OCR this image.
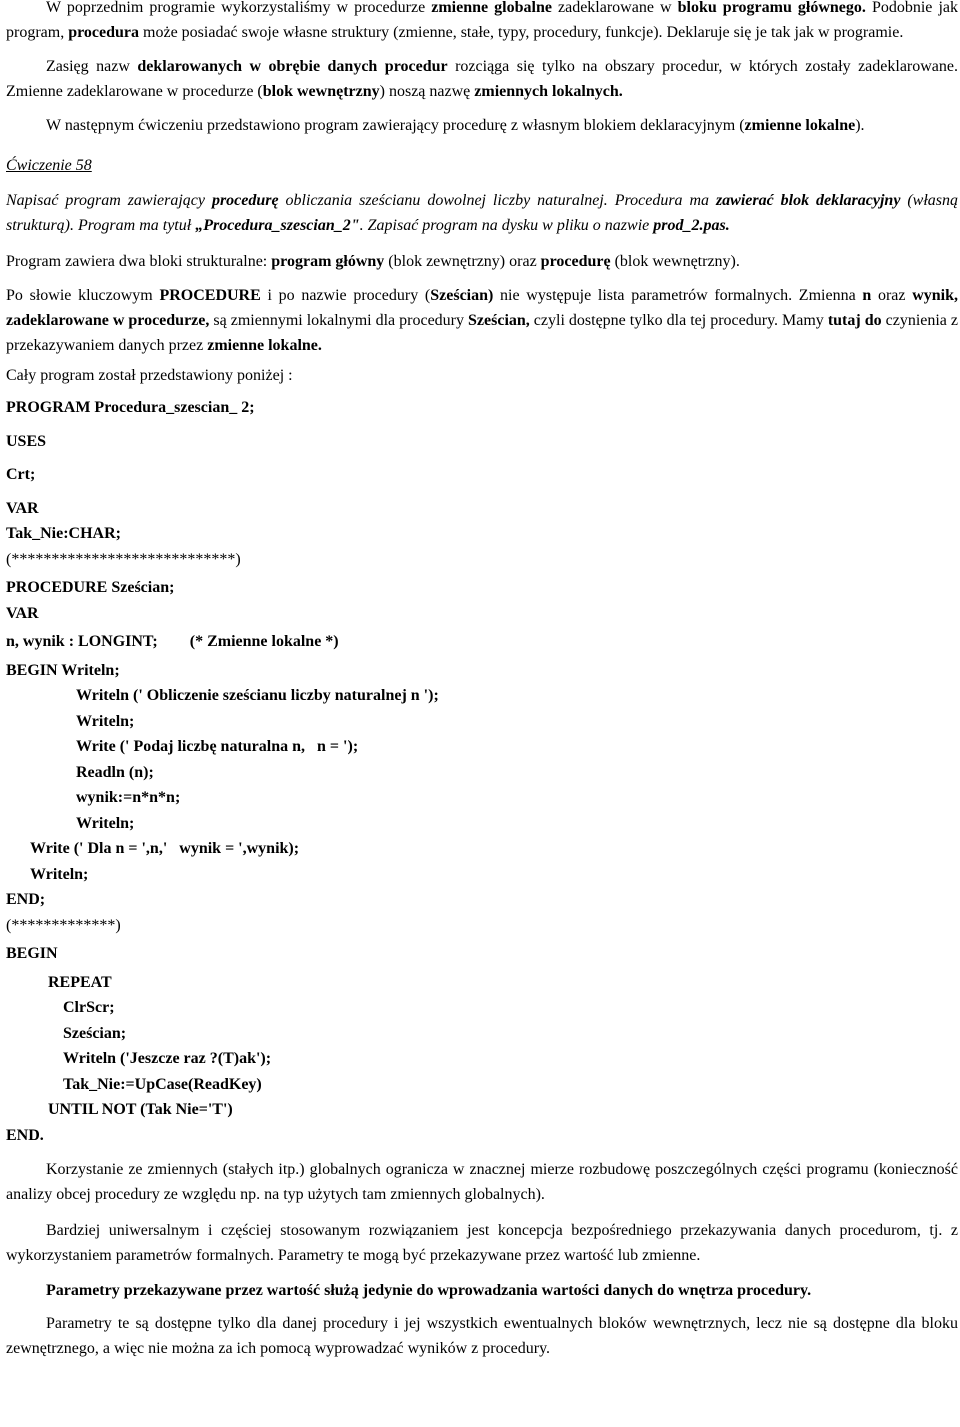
W poprzednim programie wykorzystaliśmy w procedurze zmienne globalne zadeklarowane w bloku programu głównego. Podobnie jak program, procedura może posiadać swoje własne struktury (zmienne, stałe, typy, procedury, funkcje). Deklaruje się je tak jak w programie.

Zasięg nazw deklarowanych w obrębie danych procedur rozciąga się tylko na obszary procedur, w których zostały zadeklarowane. Zmienne zadeklarowane w procedurze (blok wewnętrzny) noszą nazwę zmiennych lokalnych.

W następnym ćwiczeniu przedstawiono program zawierający procedurę z własnym blokiem deklaracyjnym (zmienne lokalne).

Ćwiczenie 58

Napisać program zawierający procedurę obliczania sześcianu dowolnej liczby naturalnej. Procedura ma zawierać blok deklaracyjny (własną strukturą). Program ma tytuł „Procedura_szescian_2". Zapisać program na dysku w pliku o nazwie prod_2.pas.

Program zawiera dwa bloki strukturalne: program główny (blok zewnętrzny) oraz procedurę (blok wewnętrzny).

Po słowie kluczowym PROCEDURE i po nazwie procedury (Sześcian) nie występuje lista parametrów formalnych. Zmienna n oraz wynik, zadeklarowane w procedurze, są zmiennymi lokalnymi dla procedury Sześcian, czyli dostępne tylko dla tej procedury. Mamy tutaj do czynienia z przekazywaniem danych przez zmienne lokalne.

Cały program został przedstawiony poniżej :

PROGRAM Procedura_szescian_ 2;
USES
Crt;
VAR
Tak_Nie:CHAR;
(****************************)
PROCEDURE Sześcian;
VAR
n, wynik : LONGINT; (* Zmienne lokalne *)
BEGIN Writeln;
Writeln (' Obliczenie sześcianu liczby naturalnej n ');
Writeln;
Write (' Podaj liczbę naturalna n,   n = ');
Readln (n);
wynik:=n*n*n;
Writeln;
Write (' Dla n = ',n,'   wynik = ',wynik);
Writeln;
END;
(*************)
BEGIN
REPEAT
ClrScr;
Sześcian;
Writeln ('Jeszcze raz ?(T)ak');
Tak_Nie:=UpCase(ReadKey)
UNTIL NOT (Tak Nie='T')
END.

Korzystanie ze zmiennych (stałych itp.) globalnych ogranicza w znacznej mierze rozbudowę poszczególnych części programu (konieczność analizy obcej procedury ze względu np. na typ użytych tam zmiennych globalnych).

Bardziej uniwersalnym i częściej stosowanym rozwiązaniem jest koncepcja bezpośredniego przekazywania danych procedurom, tj. z wykorzystaniem parametrów formalnych. Parametry te mogą być przekazywane przez wartość lub zmienne.

Parametry przekazywane przez wartość służą jedynie do wprowadzania wartości danych do wnętrza procedury.

Parametry te są dostępne tylko dla danej procedury i jej wszystkich ewentualnych bloków wewnętrznych, lecz nie są dostępne dla bloku zewnętrznego, a więc nie można za ich pomocą wyprowadzać wyników z procedury.
